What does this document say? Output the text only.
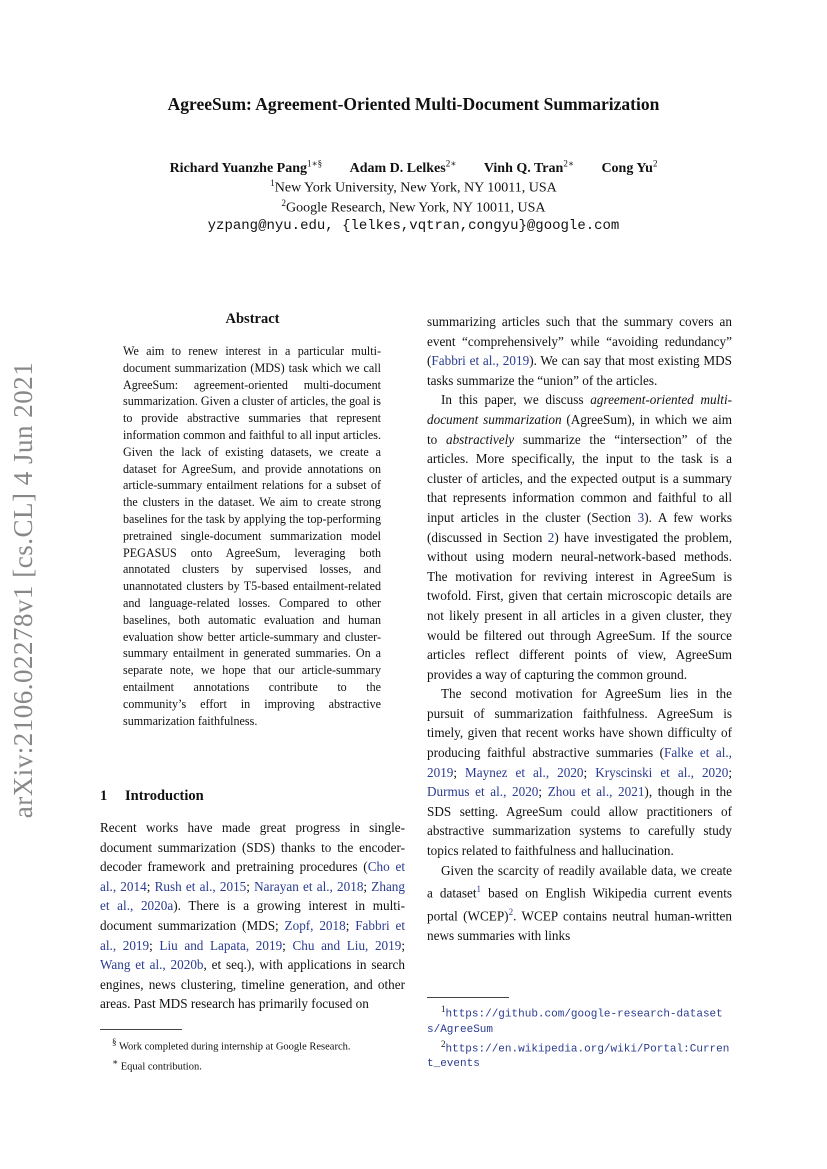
AgreeSum: Agreement-Oriented Multi-Document Summarization
Richard Yuanzhe Pang$^{1∗\S}$ Adam D. Lelkes$^{2∗}$ Vinh Q. Tran$^{2∗}$ Cong Yu$^2$
$^1$New York University, New York, NY 10011, USA
$^2$Google Research, New York, NY 10011, USA
yzpang@nyu.edu, {lelkes,vqtran,congyu}@google.com
arXiv:2106.02278v1 [cs.CL] 4 Jun 2021
Abstract
We aim to renew interest in a particular multi-document summarization (MDS) task which we call AgreeSum: agreement-oriented multi-document summarization. Given a cluster of articles, the goal is to provide abstractive summaries that represent information common and faithful to all input articles. Given the lack of existing datasets, we create a dataset for AgreeSum, and provide annotations on article-summary entailment relations for a subset of the clusters in the dataset. We aim to create strong baselines for the task by applying the top-performing pretrained single-document summarization model PEGASUS onto AgreeSum, leveraging both annotated clusters by supervised losses, and unannotated clusters by T5-based entailment-related and language-related losses. Compared to other baselines, both automatic evaluation and human evaluation show better article-summary and cluster-summary entailment in generated summaries. On a separate note, we hope that our article-summary entailment annotations contribute to the community’s effort in improving abstractive summarization faithfulness.
1 Introduction
Recent works have made great progress in single-document summarization (SDS) thanks to the encoder-decoder framework and pretraining procedures (Cho et al., 2014; Rush et al., 2015; Narayan et al., 2018; Zhang et al., 2020a). There is a growing interest in multi-document summarization (MDS; Zopf, 2018; Fabbri et al., 2019; Liu and Lapata, 2019; Chu and Liu, 2019; Wang et al., 2020b, et seq.), with applications in search engines, news clustering, timeline generation, and other areas. Past MDS research has primarily focused on

summarizing articles such that the summary covers an event “comprehensively” while “avoiding redundancy” (Fabbri et al., 2019). We can say that most existing MDS tasks summarize the “union” of the articles.

In this paper, we discuss agreement-oriented multi-document summarization (AgreeSum), in which we aim to abstractively summarize the “intersection” of the articles. More specifically, the input to the task is a cluster of articles, and the expected output is a summary that represents information common and faithful to all input articles in the cluster (Section 3). A few works (discussed in Section 2) have investigated the problem, without using modern neural-network-based methods. The motivation for reviving interest in AgreeSum is twofold. First, given that certain microscopic details are not likely present in all articles in a given cluster, they would be filtered out through AgreeSum. If the source articles reflect different points of view, AgreeSum provides a way of capturing the common ground.

The second motivation for AgreeSum lies in the pursuit of summarization faithfulness. AgreeSum is timely, given that recent works have shown difficulty of producing faithful abstractive summaries (Falke et al., 2019; Maynez et al., 2020; Kryscinski et al., 2020; Durmus et al., 2020; Zhou et al., 2021), though in the SDS setting. AgreeSum could allow practitioners of abstractive summarization systems to carefully study topics related to faithfulness and hallucination.

Given the scarcity of readily available data, we create a dataset$^1$ based on English Wikipedia current events portal (WCEP)$^2$. WCEP contains neutral human-written news summaries with links

§ Work completed during internship at Google Research.
∗ Equal contribution.
$^1$https://github.com/google-research-datasets/AgreeSum
$^2$https://en.wikipedia.org/wiki/Portal:Current_events
